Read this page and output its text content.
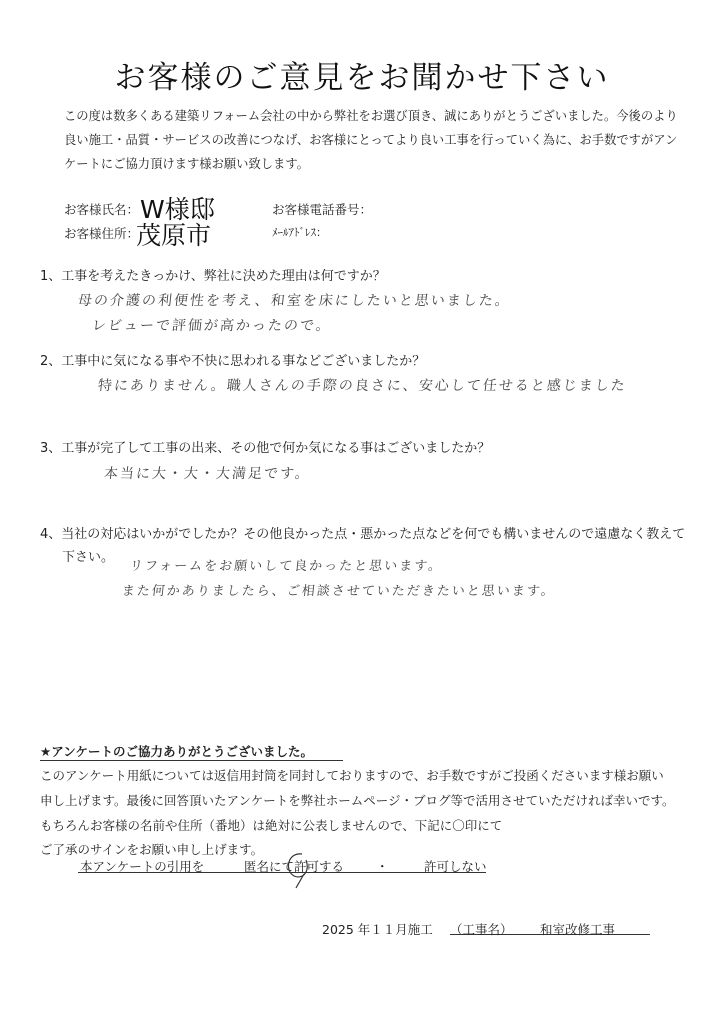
お客様のご意見をお聞かせ下さい
この度は数多くある建築リフォーム会社の中から弊社をお選び頂き、誠にありがとうございました。今後のより
良い施工・品質・サービスの改善につなげ、お客様にとってより良い工事を行っていく為に、お手数ですがアン
ケートにご協力頂けます様お願い致します。
お客様氏名： W様邸
お客様住所：
茂原市
お客様電話番号：
ﾒｰﾙｱﾄﾞﾚｽ：
1、工事を考えたきっかけ、弊社に決めた理由は何ですか？
母の介護の利便性を考え、和室を床にしたいと思いました。
レビューで評価が高かったので。
2、工事中に気になる事や不快に思われる事などございましたか？
特にありません。職人さんの手際の良さに、安心して任せると感じました
3、工事が完了して工事の出来、その他で何か気になる事はございましたか？
本当に大・大・大満足です。
4、当社の対応はいかがでしたか？その他良かった点・悪かった点などを何でも構いませんので遠慮なく教えて
下さい。
リフォームをお願いして良かったと思います。
また何かありましたら、ご相談させていただきたいと思います。
★アンケートのご協力ありがとうございました。
このアンケート用紙については返信用封筒を同封しておりますので、お手数ですがご投函くださいます様お願い
申し上げます。最後に回答頂いたアンケートを弊社ホームページ・ブログ等で活用させていただければ幸いです。
もちろんお客様の名前や住所（番地）は絶対に公表しませんので、下記に〇印にて
ご了承のサインをお願い申し上げます。
本アンケートの引用を	匿名にて許可する	・	許可しない
2025 年１１月施工 （工事名） 和室改修工事
